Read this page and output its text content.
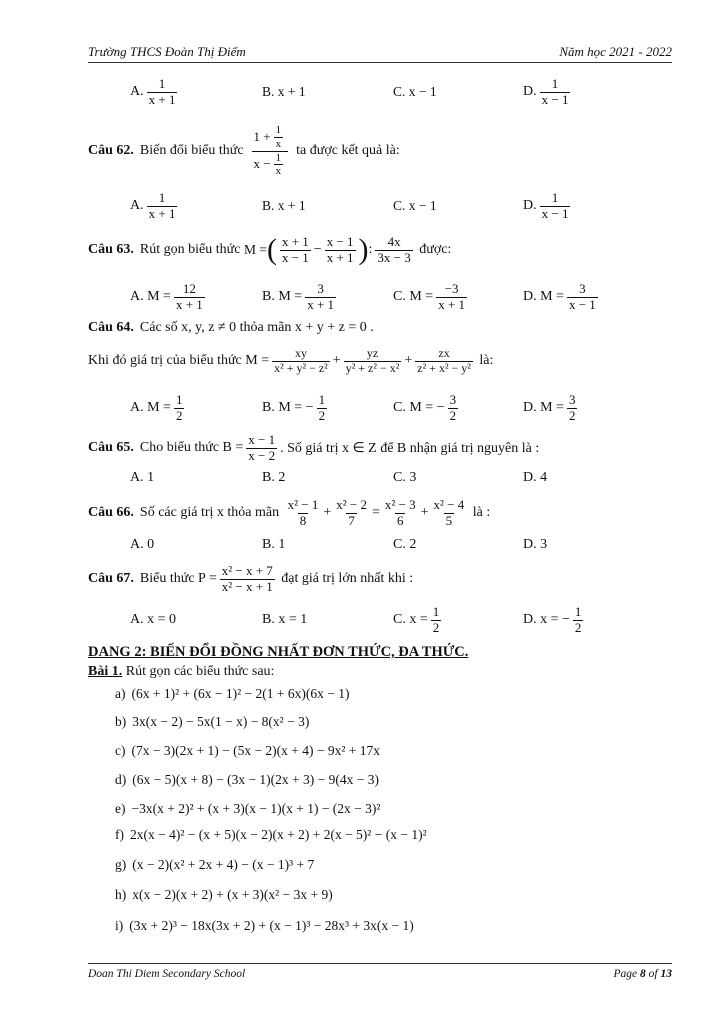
Trường THCS Đoàn Thị Điểm	Năm học 2021 - 2022
A. $\frac{1}{x + 1}$	B. x + 1	C. x − 1	D. $\frac{1}{x - 1}$
Câu 62. Biến đổi biểu thức $\frac{1 + \frac{1}{x}}{x - \frac{1}{x}}$ ta được kết quả là:
A. $\frac{1}{x + 1}$	B. x + 1	C. x − 1	D. $\frac{1}{x - 1}$
Câu 63. Rút gọn biểu thức
M = ( $\frac{x + 1}{x - 1} - \frac{x - 1}{x + 1}$ ) : $\frac{4x}{3x - 3}$
được:
A. $M = \frac{12}{x + 1}$	B. $M = \frac{3}{x + 1}$	C. $M = \frac{-3}{x + 1}$	D. $M = \frac{3}{x - 1}$
Câu 64. Các số x, y, z ≠ 0 thỏa mãn x + y + z = 0 .
Khi đó giá trị của biểu thức
$M = \frac{xy}{\text{x² + y² − z²}} + \frac{yz}{\text{y² + z² − x²}} + \frac{zx}{\text{z² + x² − y²}}$
là:
A. $M = \frac{1}{2}$	B. M = − $\frac{1}{2}$	C. M = − $\frac{3}{2}$	D. $M = \frac{3}{2}$
Câu 65. Cho biểu thức
$B = \frac{x - 1}{x - 2}$ . Số giá trị x ∈ Z để B nhận giá trị nguyên là :
A. 1	B. 2	C. 3	D. 4
Câu 66. Số các giá trị x thỏa mãn
$\frac{\text{x² − 1}}{8} + \frac{\text{x² − 2}}{7} = \frac{\text{x² − 3}}{6} + \frac{\text{x² − 4}}{5}$
là :
A. 0	B. 1	C. 2	D. 3
Câu 67. Biểu thức
$P = \frac{\text{x² − x + 7}}{\text{x² − x + 1}}$
đạt giá trị lớn nhất khi :
A. x = 0	B. x = 1	C. $x = \frac{1}{2}$	D. x = − $\frac{1}{2}$
DANG 2: BIẾN ĐỔI ĐỒNG NHẤT ĐƠN THỨC, ĐA THỨC.
Bài 1. Rút gọn các biểu thức sau:
a) (6x + 1)² + (6x − 1)² − 2(1 + 6x)(6x − 1)
b) 3x(x − 2) − 5x(1 − x) − 8(x² − 3)
c) (7x − 3)(2x + 1) − (5x − 2)(x + 4) − 9x² + 17x
d) (6x − 5)(x + 8) − (3x − 1)(2x + 3) − 9(4x − 3)
e) −3x(x + 2)² + (x + 3)(x − 1)(x + 1) − (2x − 3)²
f) 2x(x − 4)² − (x + 5)(x − 2)(x + 2) + 2(x − 5)² − (x − 1)²
g) (x − 2)(x² + 2x + 4) − (x − 1)³ + 7
h) x(x − 2)(x + 2) + (x + 3)(x² − 3x + 9)
i) (3x + 2)³ − 18x(3x + 2) + (x − 1)³ − 28x³ + 3x(x − 1)
Doan Thi Diem Secondary School	Page 8 of 13
